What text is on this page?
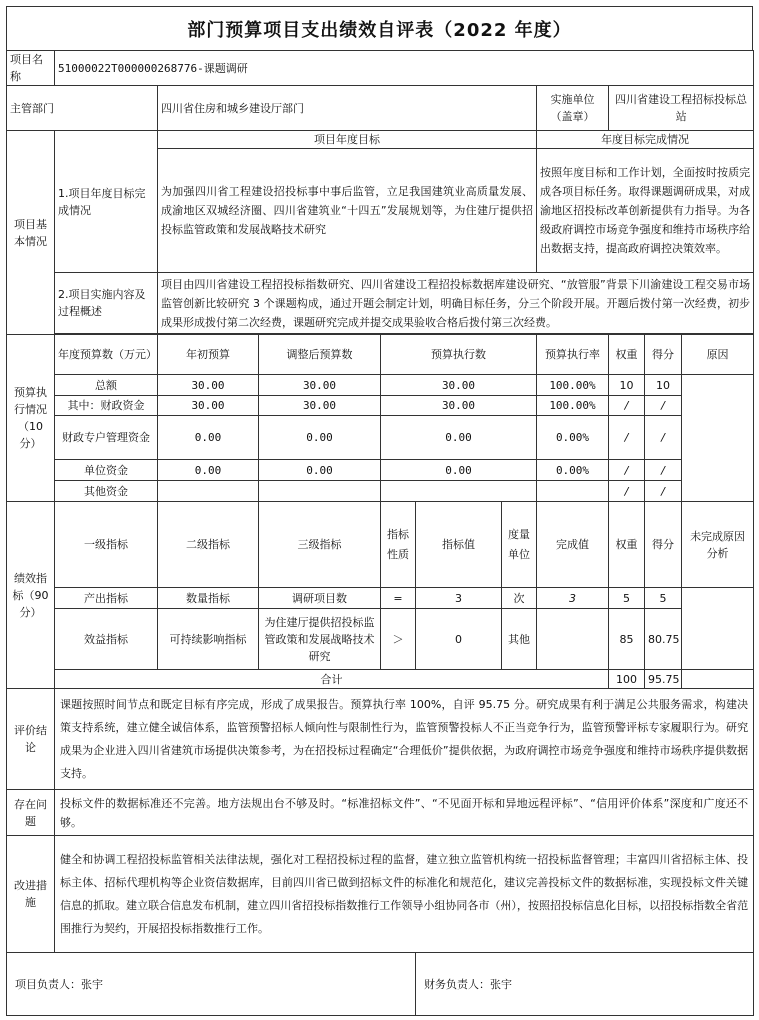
部门预算项目支出绩效自评表（2022 年度）
项目名称	51000022T000000268776-课题调研									
主管部门		四川省住房和城乡建设厅部门					实施单位（盖章）	四川省建设工程招标投标总站		
项目基本情况	1.项目年度目标完成情况	项目年度目标					年度目标完成情况			
		为加强四川省工程建设招投标事中事后监管，立足我国建筑业高质量发展、成渝地区双城经济圈、四川省建筑业“十四五”发展规划等，为住建厅提供招投标监管政策和发展战略技术研究					按照年度目标和工作计划，全面按时按质完成各项目标任务。取得课题调研成果，对成渝地区招投标改革创新提供有力指导。为各级政府调控市场竞争强度和维持市场秩序给出数据支持，提高政府调控决策效率。			
	2.项目实施内容及过程概述	项目由四川省建设工程招投标指数研究、四川省建设工程招投标数据库建设研究、“放管服”背景下川渝建设工程交易市场监管创新比较研究 3 个课题构成，通过开题会制定计划，明确目标任务，分三个阶段开展。开题后拨付第一次经费，初步成果形成拨付第二次经费，课题研究完成并提交成果验收合格后拨付第三次经费。								

预算执行情况（10分）	年度预算数（万元）	年初预算	调整后预算数	预算执行数			预算执行率	权重	得分	原因
	总额	30.00	30.00	30.00			100.00%	10	10	
	其中：财政资金	30.00	30.00	30.00			100.00%	/	/	
	财政专户管理资金	0.00	0.00	0.00			0.00%	/	/	
	单位资金	0.00	0.00	0.00			0.00%	/	/	
	其他资金							/	/	
绩效指标（90分）	一级指标	二级指标	三级指标	指标性质	指标值	度量单位	完成值	权重	得分	未完成原因分析
	产出指标	数量指标	调研项目数	=	3	次	3	5	5	
	效益指标	可持续影响指标	为住建厅提供招投标监管政策和发展战略技术研究	＞	0	其他		85	80.75	
	合计							100	95.75	
评价结论	课题按照时间节点和既定目标有序完成，形成了成果报告。预算执行率 100%，自评 95.75 分。研究成果有利于满足公共服务需求，构建决策支持系统，建立健全诚信体系，监管预警招标人倾向性与限制性行为，监管预警投标人不正当竞争行为，监管预警评标专家履职行为。研究成果为企业进入四川省建筑市场提供决策参考，为在招投标过程确定“合理低价”提供依据，为政府调控市场竞争强度和维持市场秩序提供数据支持。									
存在问题	投标文件的数据标准还不完善。地方法规出台不够及时。“标准招标文件”、“不见面开标和异地远程评标”、“信用评价体系”深度和广度还不够。									
改进措施	健全和协调工程招投标监管相关法律法规，强化对工程招投标过程的监督，建立独立监管机构统一招投标监督管理；丰富四川省招标主体、投标主体、招标代理机构等企业资信数据库，目前四川省已做到招标文件的标准化和规范化，建议完善投标文件的数据标准，实现投标文件关键信息的抓取。建立联合信息发布机制，建立四川省招投标指数推行工作领导小组协同各市（州），按照招投标信息化目标，以招投标指数全省范围推行为契约，开展招投标指数推行工作。									
项目负责人：张宇					财务负责人：张宇					
